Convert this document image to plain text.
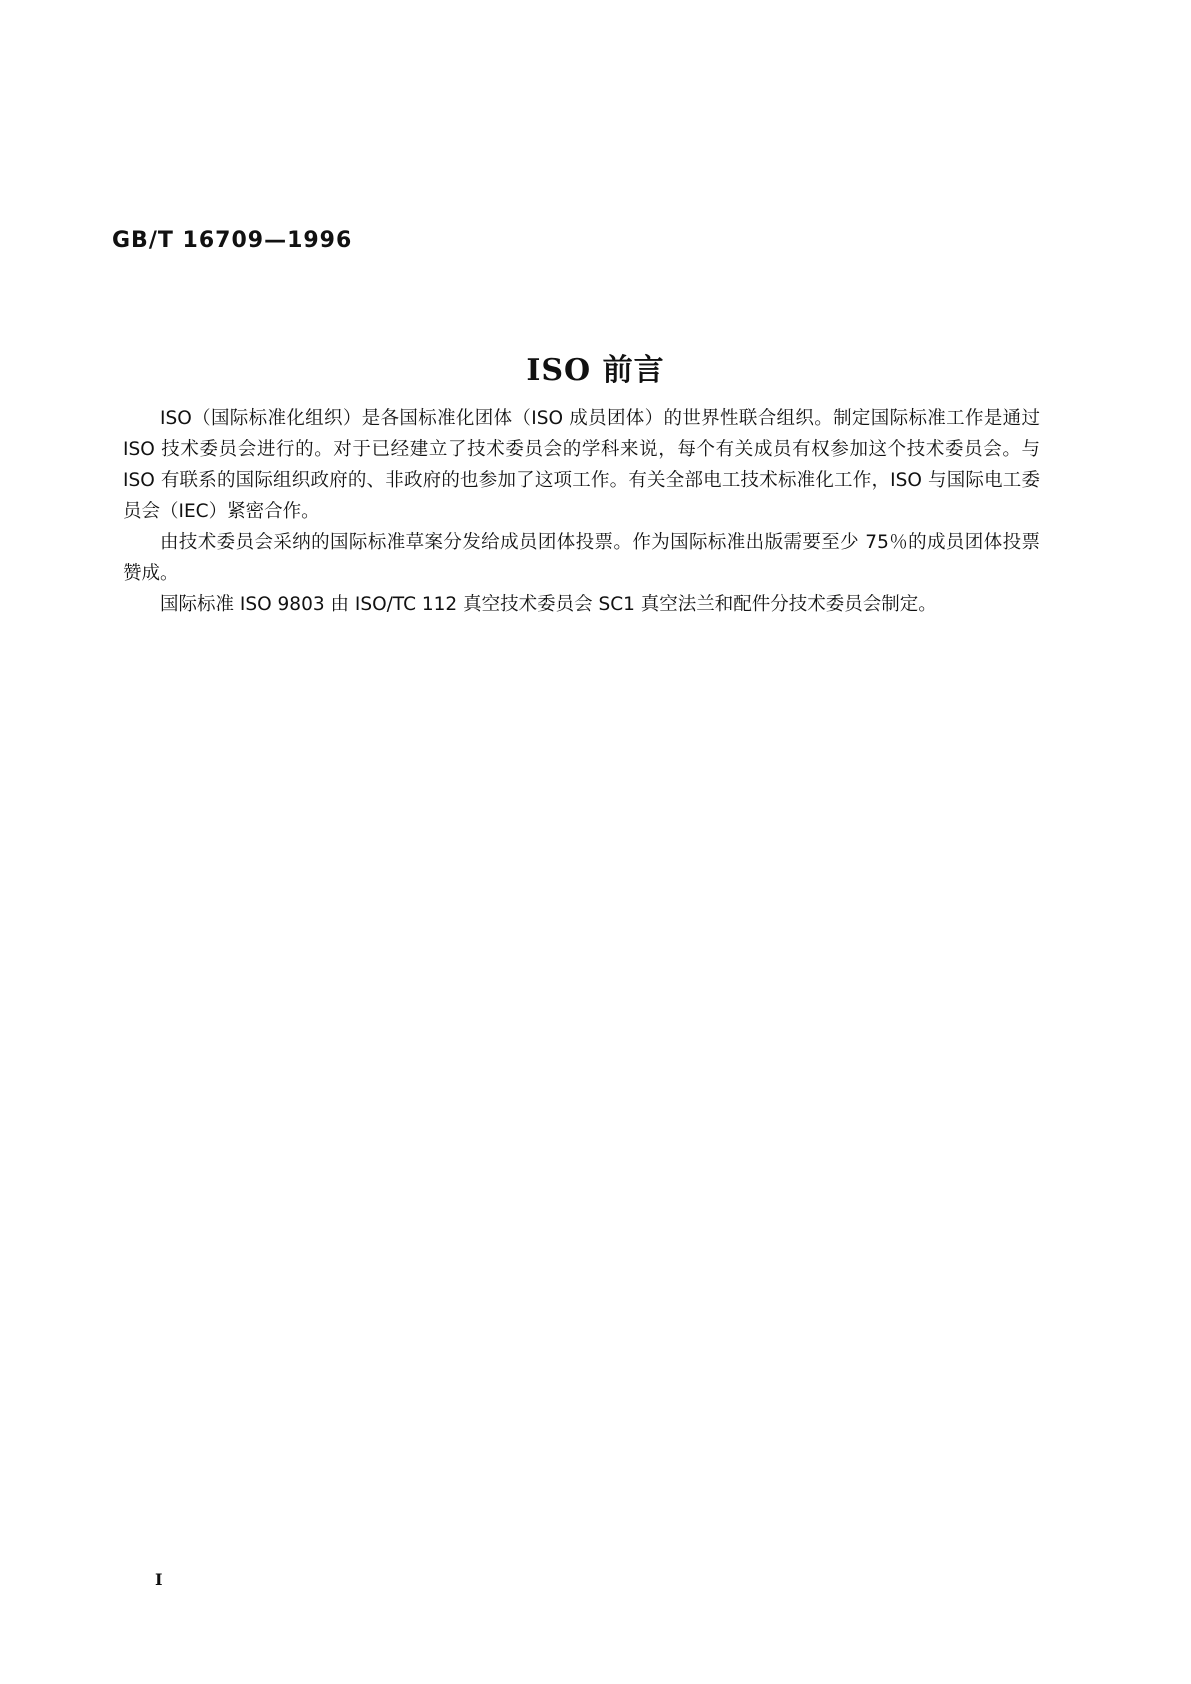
GB/T 16709—1996
ISO 前言

ISO（国际标准化组织）是各国标准化团体（ISO 成员团体）的世界性联合组织。制定国际标准工作是通过 ISO 技术委员会进行的。对于已经建立了技术委员会的学科来说，每个有关成员有权参加这个技术委员会。与 ISO 有联系的国际组织政府的、非政府的也参加了这项工作。有关全部电工技术标准化工作，ISO 与国际电工委员会（IEC）紧密合作。

由技术委员会采纳的国际标准草案分发给成员团体投票。作为国际标准出版需要至少 75％的成员团体投票赞成。

国际标准 ISO 9803 由 ISO/TC 112 真空技术委员会 SC1 真空法兰和配件分技术委员会制定。

I
